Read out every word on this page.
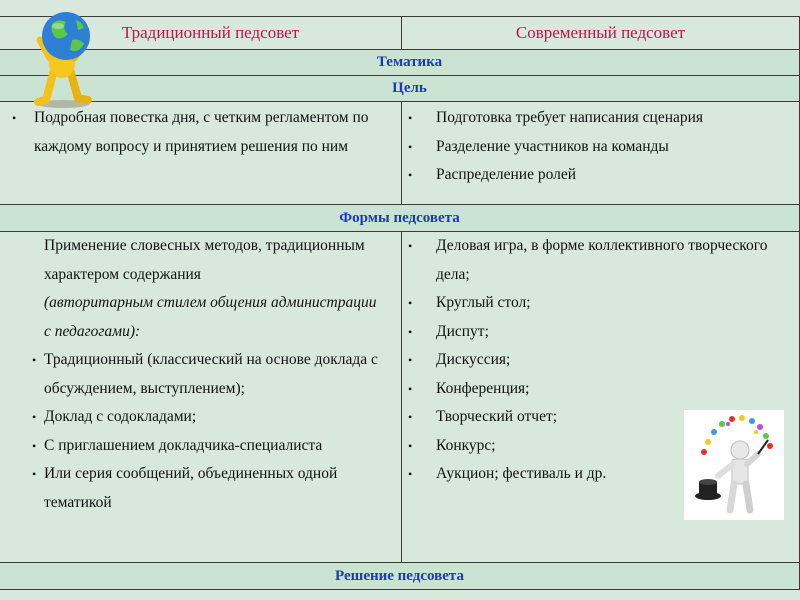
Традиционный педсовет	Современный педсовет
Тематика
Цель
• Подробная повестка дня, с четким регламентом по каждому вопросу и принятием решения по ним
• Подготовка требует написания сценария
• Разделение участников на команды
• Распределение ролей
Формы педсовета
Применение словесных методов, традиционным характером содержания
(авторитарным стилем общения администрации с педагогами):
• Традиционный (классический на основе доклада с обсуждением, выступлением);
• Доклад с содокладами;
• С приглашением докладчика-специалиста
• Или серия сообщений, объединенных одной тематикой
• Деловая игра, в форме коллективного творческого дела;
• Круглый стол;
• Диспут;
• Дискуссия;
• Конференция;
• Творческий отчет;
• Конкурс;
• Аукцион; фестиваль и др.
Решение педсовета
